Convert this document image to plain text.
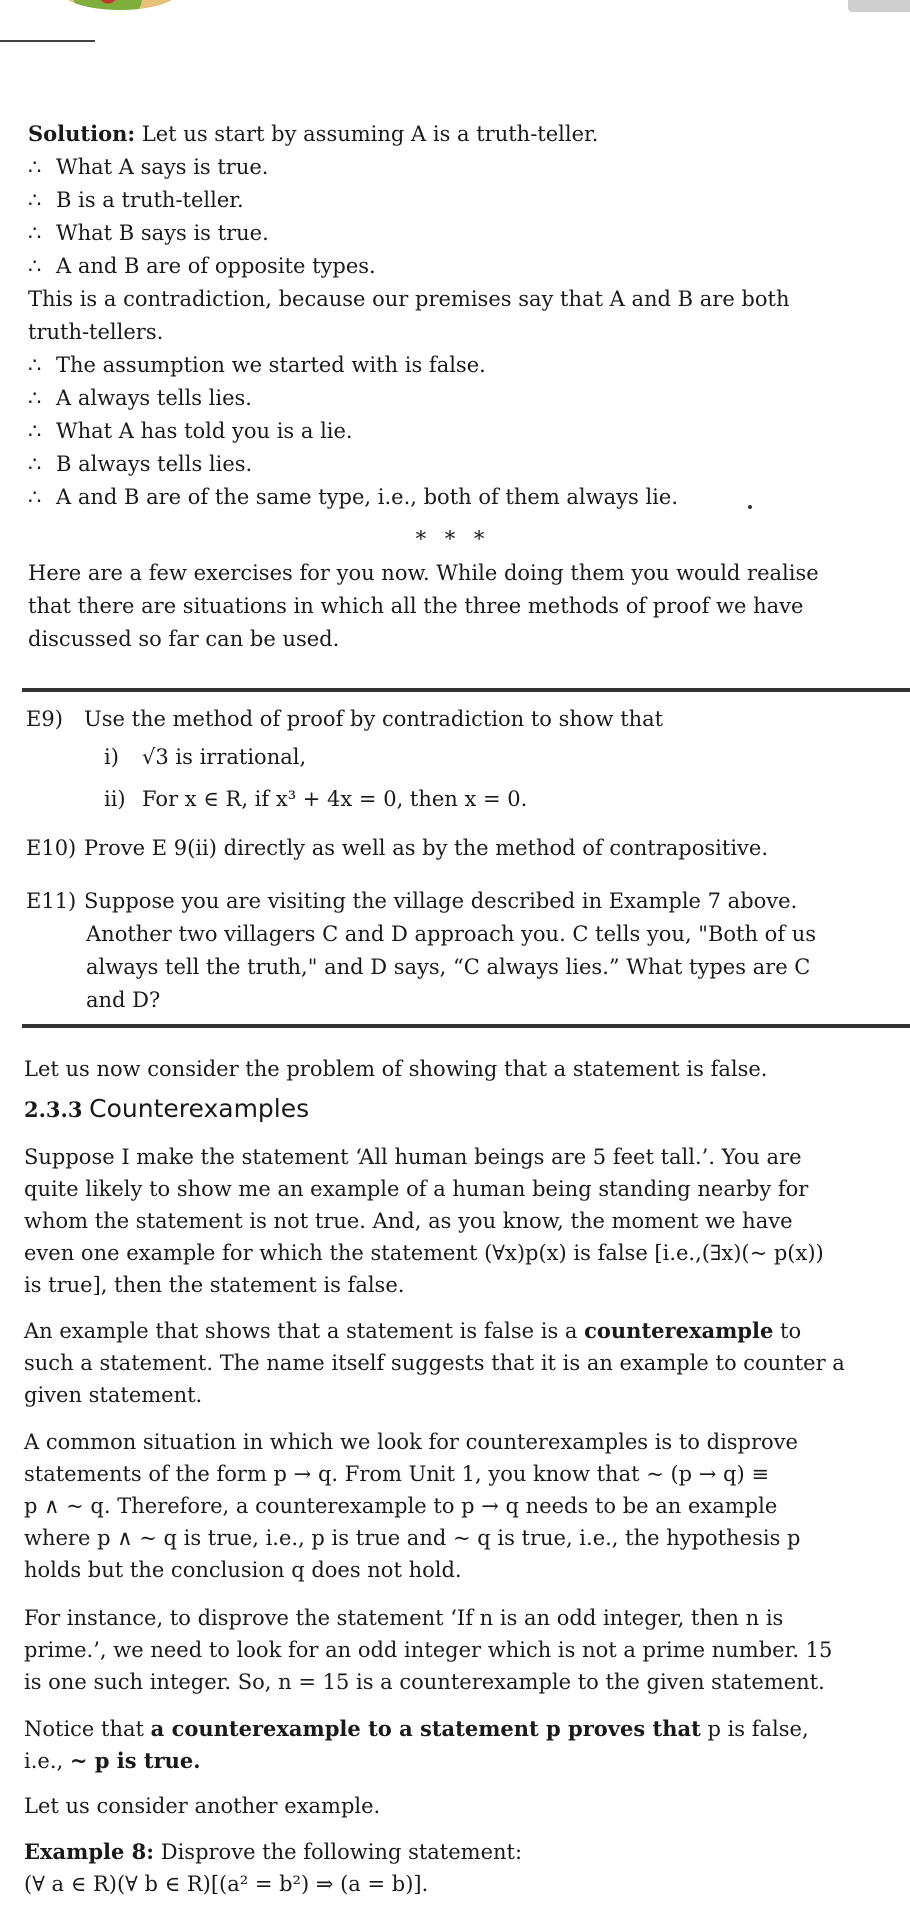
Solution: Let us start by assuming A is a truth-teller.
∴ What A says is true.
∴ B is a truth-teller.
∴ What B says is true.
∴ A and B are of opposite types.
This is a contradiction, because our premises say that A and B are both
truth-tellers.
∴ The assumption we started with is false.
∴ A always tells lies.
∴ What A has told you is a lie.
∴ B always tells lies.
∴ A and B are of the same type, i.e., both of them always lie.
* * *
Here are a few exercises for you now. While doing them you would realise
that there are situations in which all the three methods of proof we have
discussed so far can be used.
E9) Use the method of proof by contradiction to show that
i) √3 is irrational,
ii) For x ∈ R, if x³ + 4x = 0, then x = 0.
E10) Prove E 9(ii) directly as well as by the method of contrapositive.
E11) Suppose you are visiting the village described in Example 7 above.
Another two villagers C and D approach you. C tells you, "Both of us
always tell the truth," and D says, “C always lies.” What types are C
and D?
Let us now consider the problem of showing that a statement is false.
2.3.3 Counterexamples
Suppose I make the statement ‘All human beings are 5 feet tall.’. You are
quite likely to show me an example of a human being standing nearby for
whom the statement is not true. And, as you know, the moment we have
even one example for which the statement (∀x)p(x) is false [i.e.,(∃x)(~ p(x))
is true], then the statement is false.
An example that shows that a statement is false is a counterexample to
such a statement. The name itself suggests that it is an example to counter a
given statement.
A common situation in which we look for counterexamples is to disprove
statements of the form p → q. From Unit 1, you know that ~ (p → q) ≡
p ∧ ~ q. Therefore, a counterexample to p → q needs to be an example
where p ∧ ~ q is true, i.e., p is true and ~ q is true, i.e., the hypothesis p
holds but the conclusion q does not hold.
For instance, to disprove the statement ‘If n is an odd integer, then n is
prime.’, we need to look for an odd integer which is not a prime number. 15
is one such integer. So, n = 15 is a counterexample to the given statement.
Notice that a counterexample to a statement p proves that p is false,
i.e., ~ p is true.
Let us consider another example.
Example 8: Disprove the following statement:
(∀ a ∈ R)(∀ b ∈ R)[(a² = b²) ⇒ (a = b)].
